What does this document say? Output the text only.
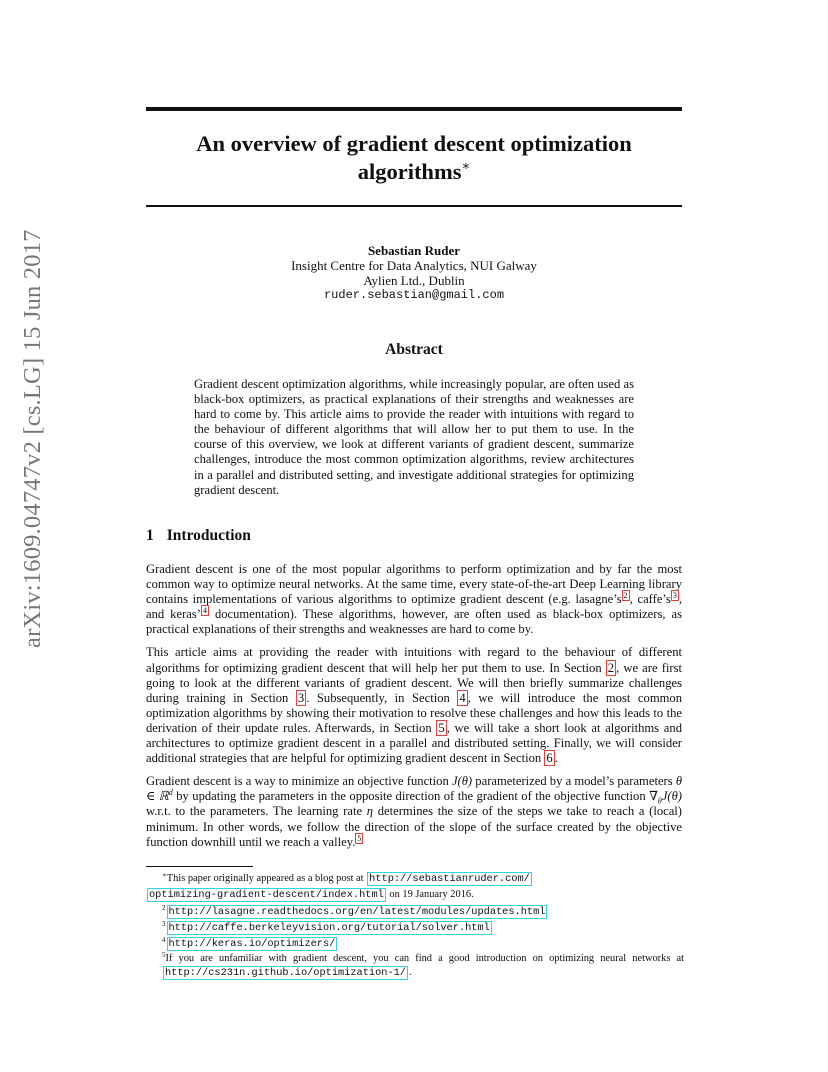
arXiv:1609.04747v2 [cs.LG] 15 Jun 2017
An overview of gradient descent optimization
algorithms∗
Sebastian Ruder
Insight Centre for Data Analytics, NUI Galway
Aylien Ltd., Dublin
ruder.sebastian@gmail.com
Abstract

Gradient descent optimization algorithms, while increasingly popular, are often used as black-box optimizers, as practical explanations of their strengths and weaknesses are hard to come by. This article aims to provide the reader with intuitions with regard to the behaviour of different algorithms that will allow her to put them to use. In the course of this overview, we look at different variants of gradient descent, summarize challenges, introduce the most common optimization algorithms, review architectures in a parallel and distributed setting, and investigate additional strategies for optimizing gradient descent.

1 Introduction

Gradient descent is one of the most popular algorithms to perform optimization and by far the most common way to optimize neural networks. At the same time, every state-of-the-art Deep Learning library contains implementations of various algorithms to optimize gradient descent (e.g. lasagne’s $^2$ , caffe’s $^3$ , and keras’ $^4$ documentation). These algorithms, however, are often used as black-box optimizers, as practical explanations of their strengths and weaknesses are hard to come by.

This article aims at providing the reader with intuitions with regard to the behaviour of different algorithms for optimizing gradient descent that will help her put them to use. In Section 2 , we are first going to look at the different variants of gradient descent. We will then briefly summarize challenges during training in Section 3 . Subsequently, in Section 4 , we will introduce the most common optimization algorithms by showing their motivation to resolve these challenges and how this leads to the derivation of their update rules. Afterwards, in Section 5 , we will take a short look at algorithms and architectures to optimize gradient descent in a parallel and distributed setting. Finally, we will consider additional strategies that are helpful for optimizing gradient descent in Section 6 .

Gradient descent is a way to minimize an objective function J(θ) parameterized by a model’s parameters θ ∈ ℝ$^d$ by updating the parameters in the opposite direction of the gradient of the objective function $\nabla_\theta J(\theta)$ w.r.t. to the parameters. The learning rate η determines the size of the steps we take to reach a (local) minimum. In other words, we follow the direction of the slope of the surface created by the objective function downhill until we reach a valley. $^5$

∗This paper originally appeared as a blog post at http://sebastianruder.com/

optimizing-gradient-descent/index.html on 19 January 2016.

$^2$ http://lasagne.readthedocs.org/en/latest/modules/updates.html

$^3$ http://caffe.berkeleyvision.org/tutorial/solver.html

$^4$ http://keras.io/optimizers/

$^5$If you are unfamiliar with gradient descent, you can find a good introduction on optimizing neural networks at http://cs231n.github.io/optimization-1/ .
